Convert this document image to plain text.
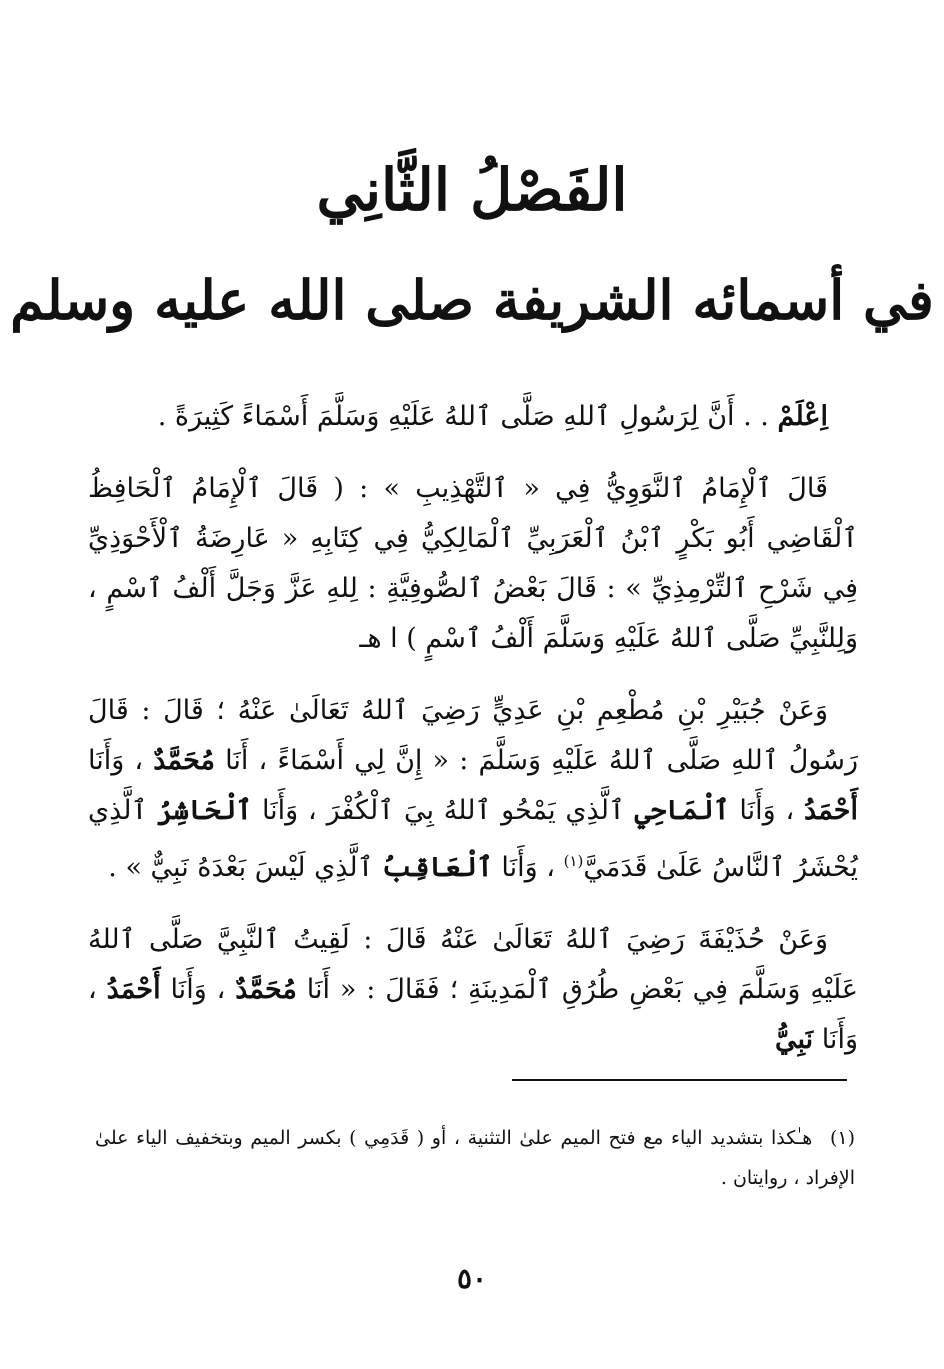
الفَصْلُ الثَّانِي
في أسمائه الشريفة صلى الله عليه وسلم

اِعْلَمْ . . أَنَّ لِرَسُولِ ٱللهِ صَلَّى ٱللهُ عَلَيْهِ وَسَلَّمَ أَسْمَاءً كَثِيرَةً .

قَالَ ٱلْإِمَامُ ٱلنَّوَوِيُّ فِي « ٱلتَّهْذِيبِ » : ( قَالَ ٱلْإِمَامُ ٱلْحَافِظُ ٱلْقَاضِي أَبُو بَكْرٍ ٱبْنُ ٱلْعَرَبِيِّ ٱلْمَالِكِيُّ فِي كِتَابِهِ « عَارِضَةُ ٱلْأَحْوَذِيِّ فِي شَرْحِ ٱلتِّرْمِذِيِّ » : قَالَ بَعْضُ ٱلصُّوفِيَّةِ : لِلهِ عَزَّ وَجَلَّ أَلْفُ ٱسْمٍ ، وَلِلنَّبِيِّ صَلَّى ٱللهُ عَلَيْهِ وَسَلَّمَ أَلْفُ ٱسْمٍ ) ا هـ

وَعَنْ جُبَيْرِ بْنِ مُطْعِمِ بْنِ عَدِيٍّ رَضِيَ ٱللهُ تَعَالَىٰ عَنْهُ ؛ قَالَ : قَالَ رَسُولُ ٱللهِ صَلَّى ٱللهُ عَلَيْهِ وَسَلَّمَ : « إِنَّ لِي أَسْمَاءً ، أَنَا مُحَمَّدٌ ، وَأَنَا أَحْمَدُ ، وَأَنَا ٱلْمَاحِي ٱلَّذِي يَمْحُو ٱللهُ بِيَ ٱلْكُفْرَ ، وَأَنَا ٱلْحَاشِرُ ٱلَّذِي يُحْشَرُ ٱلنَّاسُ عَلَىٰ قَدَمَيَّ$^{(١)}$ ، وَأَنَا ٱلْعَاقِبُ ٱلَّذِي لَيْسَ بَعْدَهُ نَبِيٌّ » .

وَعَنْ حُذَيْفَةَ رَضِيَ ٱللهُ تَعَالَىٰ عَنْهُ قَالَ : لَقِيتُ ٱلنَّبِيَّ صَلَّى ٱللهُ عَلَيْهِ وَسَلَّمَ فِي بَعْضِ طُرُقِ ٱلْمَدِينَةِ ؛ فَقَالَ : « أَنَا مُحَمَّدٌ ، وَأَنَا أَحْمَدُ ، وَأَنَا نَبِيُّ

(١) هـٰكذا بتشديد الياء مع فتح الميم علىٰ التثنية ، أو ( قَدَمِي ) بكسر الميم وبتخفيف الياء علىٰ الإفراد ، روايتان .
٥٠
